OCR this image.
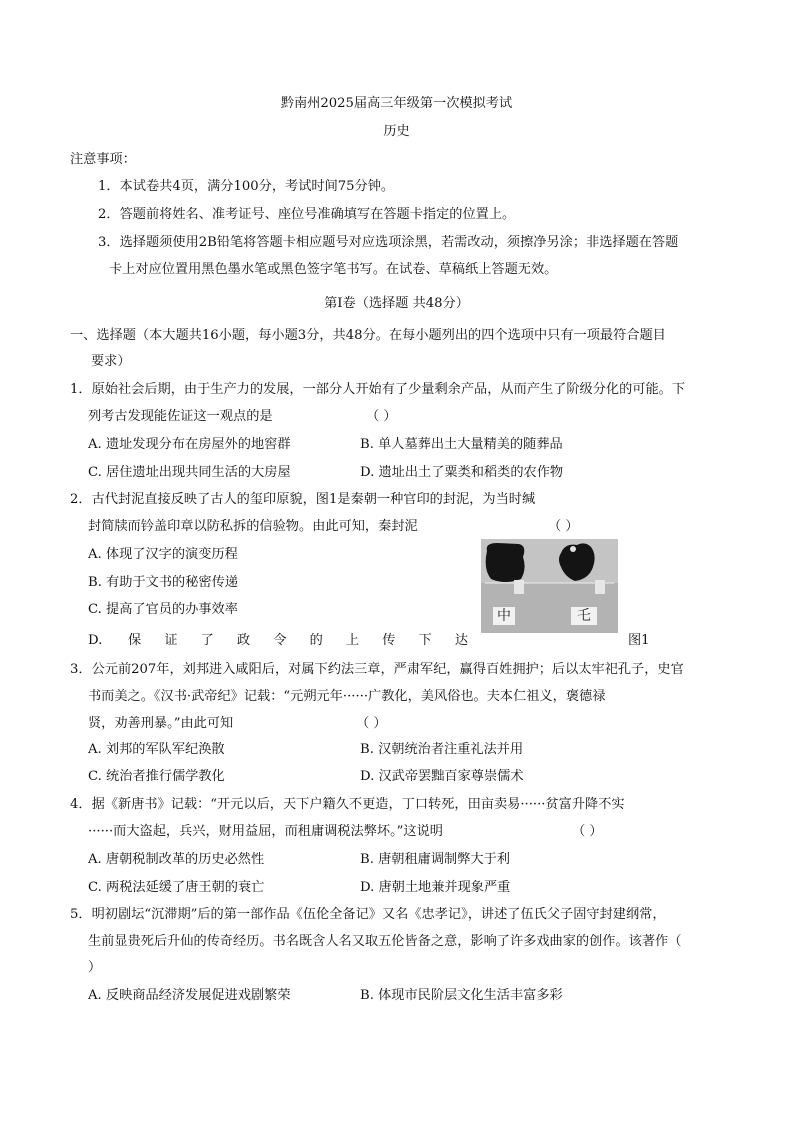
黔南州2025届高三年级第一次模拟考试
历史
注意事项：
1．本试卷共4页，满分100分，考试时间75分钟。
2．答题前将姓名、准考证号、座位号准确填写在答题卡指定的位置上。
3．选择题须使用2B铅笔将答题卡相应题号对应选项涂黑，若需改动，须擦净另涂；非选择题在答题
卡上对应位置用黑色墨水笔或黑色签字笔书写。在试卷、草稿纸上答题无效。
第Ⅰ卷（选择题 共48分）
一、选择题（本大题共16小题，每小题3分，共48分。在每小题列出的四个选项中只有一项最符合题目
要求）
1．原始社会后期，由于生产力的发展，一部分人开始有了少量剩余产品，从而产生了阶级分化的可能。下
列考古发现能佐证这一观点的是	（ ）
A. 遗址发现分布在房屋外的地窖群	B. 单人墓葬出土大量精美的随葬品
C. 居住遗址出现共同生活的大房屋	D. 遗址出土了粟类和稻类的农作物
2．古代封泥直接反映了古人的玺印原貌，图1是秦朝一种官印的封泥，为当时缄
封简牍而钤盖印章以防私拆的信验物。由此可知，秦封泥	（ ）
A. 体现了汉字的演变历程
B. 有助于文书的秘密传递
C. 提高了官员的办事效率
D. 保 证 了 政 令 的 上 传 下 达
中	乇
图1
3．公元前207年，刘邦进入咸阳后，对属下约法三章，严肃军纪，赢得百姓拥护；后以太牢祀孔子，史官
书而美之。《汉书·武帝纪》记载：“元朔元年······广教化，美风俗也。夫本仁祖义，褒德禄
贤，劝善刑暴。”由此可知	（ ）
A. 刘邦的军队军纪涣散	B. 汉朝统治者注重礼法并用
C. 统治者推行儒学教化	D. 汉武帝罢黜百家尊崇儒术
4．据《新唐书》记载：“开元以后，天下户籍久不更造，丁口转死，田亩卖易······贫富升降不实
······而大盗起，兵兴，财用益屈，而租庸调税法弊坏。”这说明	（ ）
A. 唐朝税制改革的历史必然性	B. 唐朝租庸调制弊大于利
C. 两税法延缓了唐王朝的衰亡	D. 唐朝土地兼并现象严重
5．明初剧坛“沉滞期”后的第一部作品《伍伦全备记》又名《忠孝记》，讲述了伍氏父子固守封建纲常，
生前显贵死后升仙的传奇经历。书名既含人名又取五伦皆备之意，影响了许多戏曲家的创作。该著作（
）
A. 反映商品经济发展促进戏剧繁荣	B. 体现市民阶层文化生活丰富多彩
